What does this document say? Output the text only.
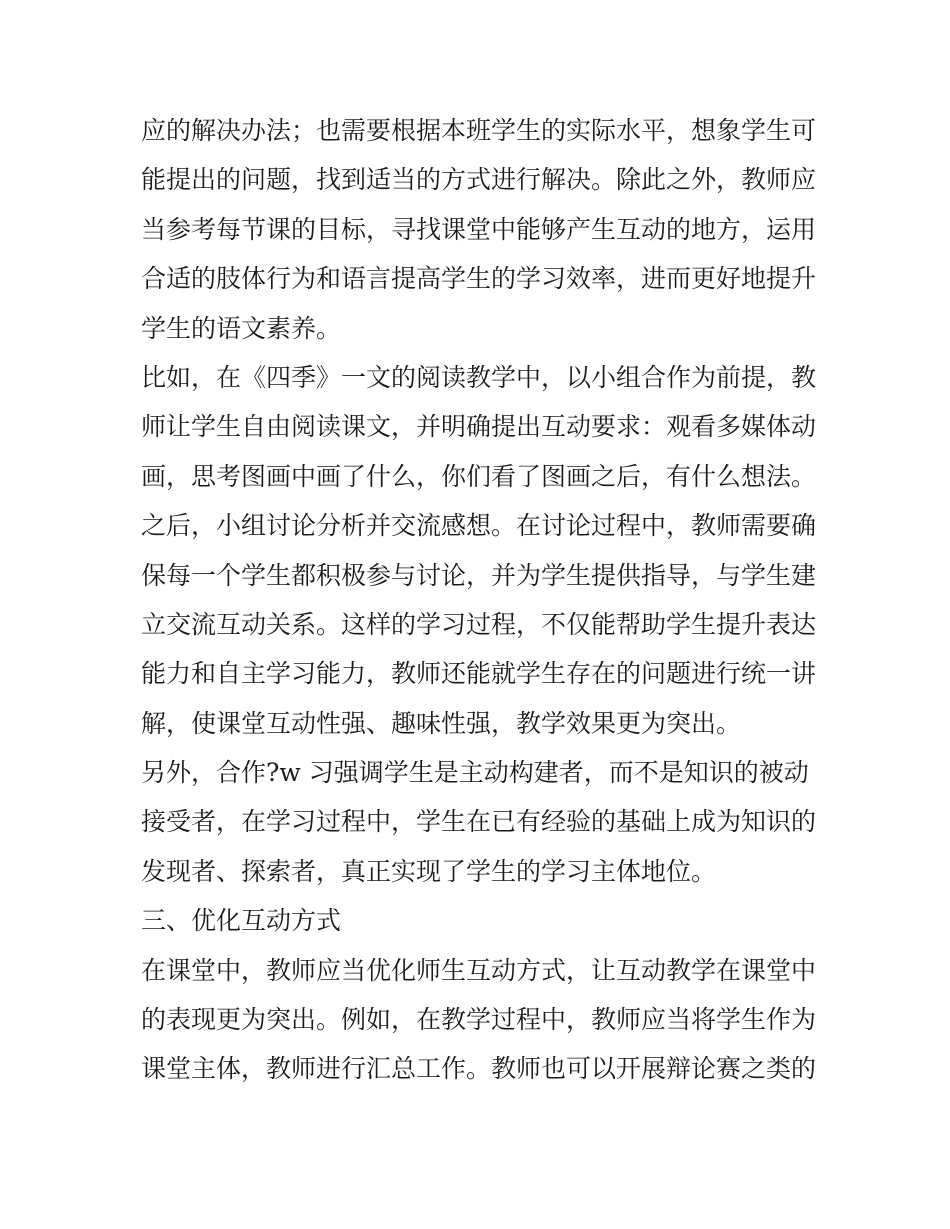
应的解决办法；也需要根据本班学生的实际水平，想象学生可
能提出的问题，找到适当的方式进行解决。除此之外，教师应
当参考每节课的目标，寻找课堂中能够产生互动的地方，运用
合适的肢体行为和语言提高学生的学习效率，进而更好地提升
学生的语文素养。
比如，在《四季》一文的阅读教学中，以小组合作为前提，教
师让学生自由阅读课文，并明确提出互动要求：观看多媒体动
画，思考图画中画了什么，你们看了图画之后，有什么想法。
之后，小组讨论分析并交流感想。在讨论过程中，教师需要确
保每一个学生都积极参与讨论，并为学生提供指导，与学生建
立交流互动关系。这样的学习过程，不仅能帮助学生提升表达
能力和自主学习能力，教师还能就学生存在的问题进行统一讲
解，使课堂互动性强、趣味性强，教学效果更为突出。
另外，合作?w 习强调学生是主动构建者，而不是知识的被动
接受者，在学习过程中，学生在已有经验的基础上成为知识的
发现者、探索者，真正实现了学生的学习主体地位。
三、优化互动方式
在课堂中，教师应当优化师生互动方式，让互动教学在课堂中
的表现更为突出。例如，在教学过程中，教师应当将学生作为
课堂主体，教师进行汇总工作。教师也可以开展辩论赛之类的
